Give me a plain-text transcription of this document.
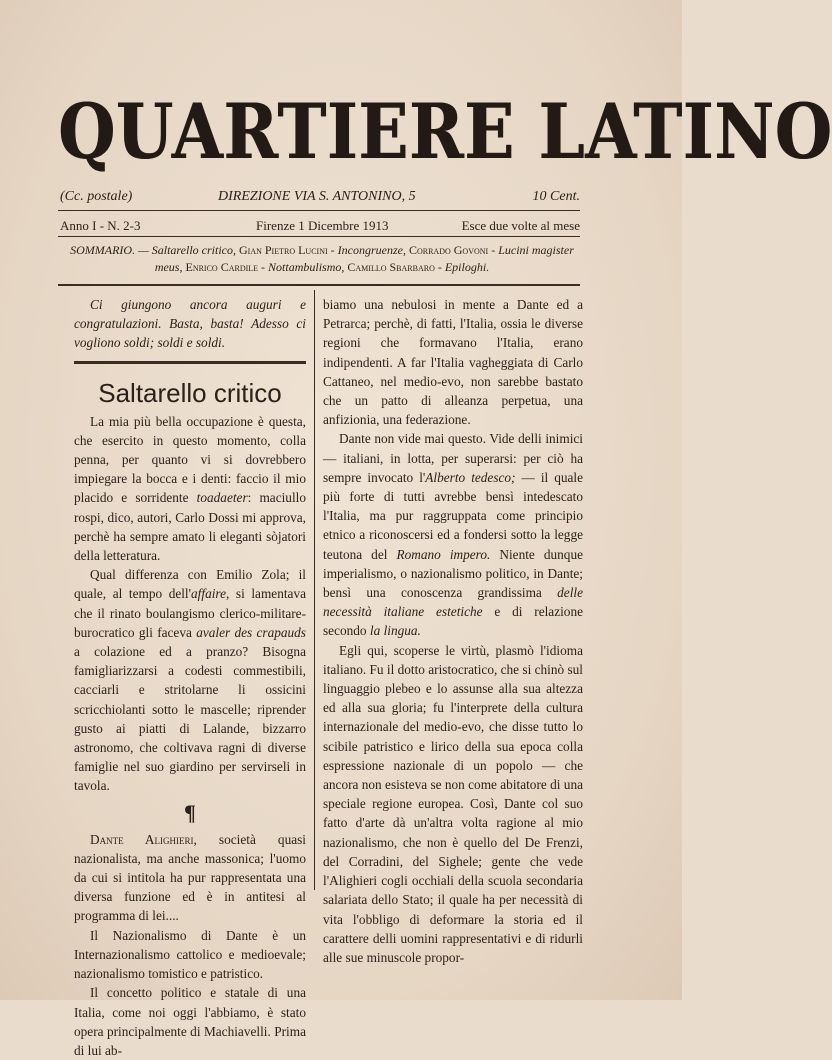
QUARTIERE LATINO
(Cc. postale)	DIREZIONE VIA S. ANTONINO, 5	10 Cent.
Anno I - N. 2-3	Firenze 1 Dicembre 1913	Esce due volte al mese
SOMMARIO. — Saltarello critico, Gian Pietro Lucini - Incongruenze, Corrado Govoni - Lucini magister meus, Enrico Cardile - Nottambulismo, Camillo Sbarbaro - Epiloghi.

Ci giungono ancora auguri e congratulazioni. Basta, basta! Adesso ci vogliono soldi; soldi e soldi.

Saltarello critico

La mia più bella occupazione è questa, che esercito in questo momento, colla penna, per quanto vi si dovrebbero impiegare la bocca e i denti: faccio il mio placido e sorridente toadaeter: maciullo rospi, dico, autori, Carlo Dossi mi approva, perchè ha sempre amato li eleganti sòjatori della letteratura.

Qual differenza con Emilio Zola; il quale, al tempo dell'affaire, si lamentava che il rinato boulangismo clerico-militare-burocratico gli faceva avaler des crapauds a colazione ed a pranzo? Bisogna famigliarizzarsi a codesti commestibili, cacciarli e stritolarne li ossicini scricchiolanti sotto le mascelle; riprender gusto ai piatti di Lalande, bizzarro astronomo, che coltivava ragni di diverse famiglie nel suo giardino per servirseli in tavola.

¶

Dante Alighieri, società quasi nazionalista, ma anche massonica; l'uomo da cui si intitola ha pur rappresentata una diversa funzione ed è in antitesi al programma di lei....

Il Nazionalismo di Dante è un Internazionalismo cattolico e medioevale; nazionalismo tomistico e patristico.

Il concetto politico e statale di una Italia, come noi oggi l'abbiamo, è stato opera principalmente di Machiavelli. Prima di lui ab-

biamo una nebulosi in mente a Dante ed a Petrarca; perchè, di fatti, l'Italia, ossia le diverse regioni che formavano l'Italia, erano indipendenti. A far l'Italia vagheggiata di Carlo Cattaneo, nel medio-evo, non sarebbe bastato che un patto di alleanza perpetua, una anfizionia, una federazione.

Dante non vide mai questo. Vide delli inimici — italiani, in lotta, per superarsi: per ciò ha sempre invocato l'Alberto tedesco; — il quale più forte di tutti avrebbe bensì intedescato l'Italia, ma pur raggruppata come principio etnico a riconoscersi ed a fondersi sotto la legge teutona del Romano impero. Niente dunque imperialismo, o nazionalismo politico, in Dante; bensì una conoscenza grandissima delle necessità italiane estetiche e di relazione secondo la lingua.

Egli qui, scoperse le virtù, plasmò l'idioma italiano. Fu il dotto aristocratico, che si chinò sul linguaggio plebeo e lo assunse alla sua altezza ed alla sua gloria; fu l'interprete della cultura internazionale del medio-evo, che disse tutto lo scibile patristico e lirico della sua epoca colla espressione nazionale di un popolo — che ancora non esisteva se non come abitatore di una speciale regione europea. Così, Dante col suo fatto d'arte dà un'altra volta ragione al mio nazionalismo, che non è quello del De Frenzi, del Corradini, del Sighele; gente che vede l'Alighieri cogli occhiali della scuola secondaria salariata dello Stato; il quale ha per necessità di vita l'obbligo di deformare la storia ed il carattere delli uomini rappresentativi e di ridurli alle sue minuscole propor-
